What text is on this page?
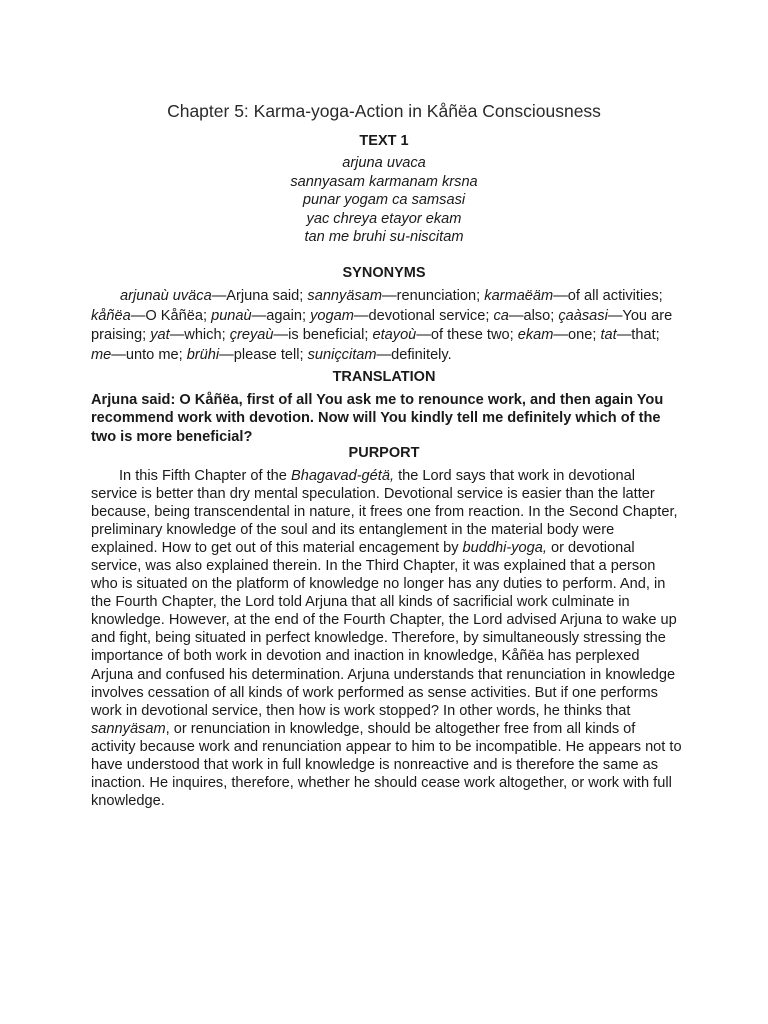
Chapter 5: Karma-yoga-Action in Kåñëa Consciousness
TEXT 1
arjuna uvaca
sannyasam karmanam krsna
punar yogam ca samsasi
yac chreya etayor ekam
tan me bruhi su-niscitam
SYNONYMS
arjunaù uväca—Arjuna said; sannyäsam—renunciation; karmaëäm—of all activities; kåñëa—O Kåñëa; punaù—again; yogam—devotional service; ca—also; çaàsasi—You are praising; yat—which; çreyaù—is beneficial; etayoù—of these two; ekam—one; tat—that; me—unto me; brühi—please tell; suniçcitam—definitely.
TRANSLATION
Arjuna said: O Kåñëa, first of all You ask me to renounce work, and then again You recommend work with devotion. Now will You kindly tell me definitely which of the two is more beneficial?
PURPORT
In this Fifth Chapter of the Bhagavad-gétä, the Lord says that work in devotional service is better than dry mental speculation. Devotional service is easier than the latter because, being transcendental in nature, it frees one from reaction. In the Second Chapter, preliminary knowledge of the soul and its entanglement in the material body were explained. How to get out of this material encagement by buddhi-yoga, or devotional service, was also explained therein. In the Third Chapter, it was explained that a person who is situated on the platform of knowledge no longer has any duties to perform. And, in the Fourth Chapter, the Lord told Arjuna that all kinds of sacrificial work culminate in knowledge. However, at the end of the Fourth Chapter, the Lord advised Arjuna to wake up and fight, being situated in perfect knowledge. Therefore, by simultaneously stressing the importance of both work in devotion and inaction in knowledge, Kåñëa has perplexed Arjuna and confused his determination. Arjuna understands that renunciation in knowledge involves cessation of all kinds of work performed as sense activities. But if one performs work in devotional service, then how is work stopped? In other words, he thinks that sannyäsam, or renunciation in knowledge, should be altogether free from all kinds of activity because work and renunciation appear to him to be incompatible. He appears not to have understood that work in full knowledge is nonreactive and is therefore the same as inaction. He inquires, therefore, whether he should cease work altogether, or work with full knowledge.
